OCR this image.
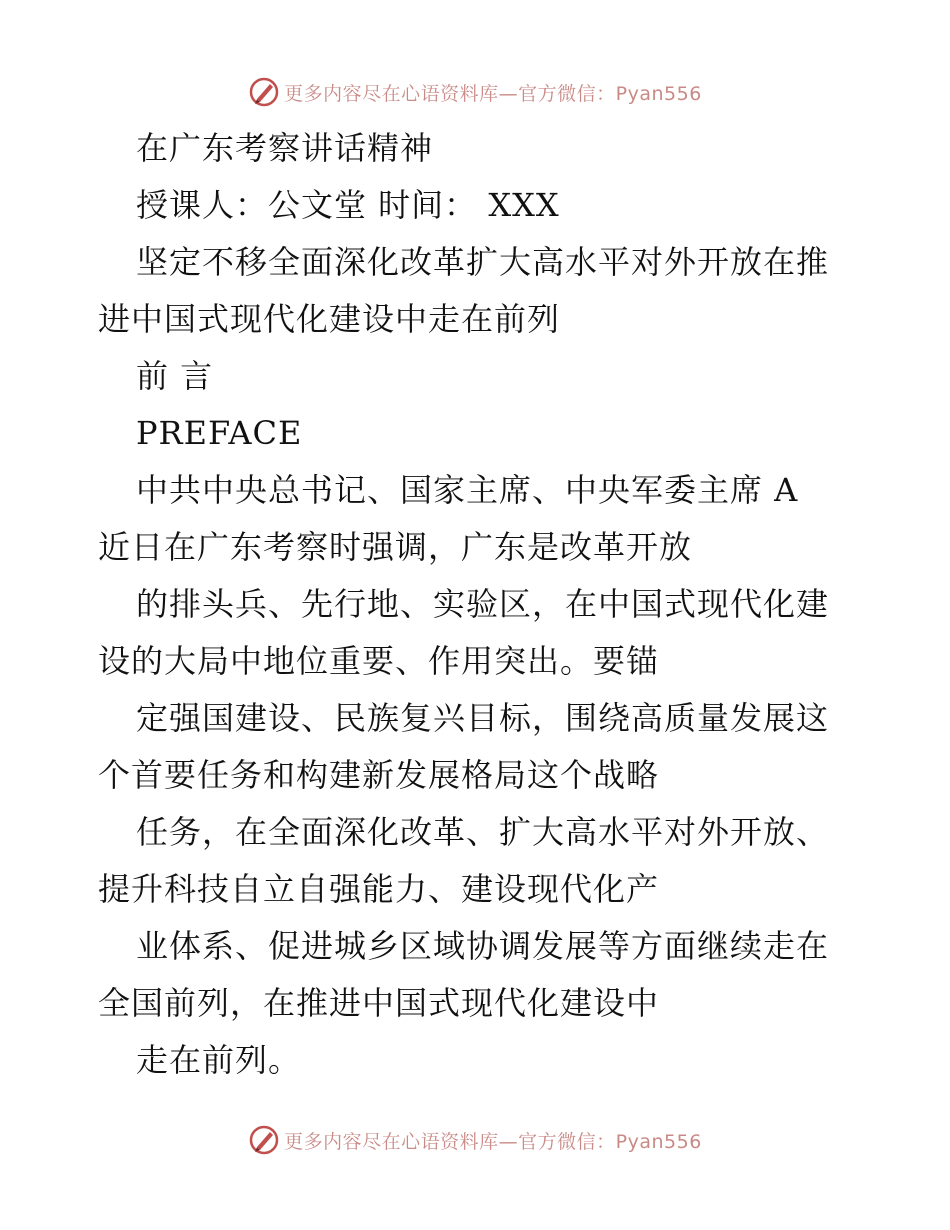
更多内容尽在心语资料库—官方微信：Pyan556

在广东考察讲话精神

授课人：公文堂 时间： XXX

坚定不移全面深化改革扩大高水平对外开放在推

进中国式现代化建设中走在前列

前 言

PREFACE

中共中央总书记、国家主席、中央军委主席 A

近日在广东考察时强调，广东是改革开放

的排头兵、先行地、实验区，在中国式现代化建

设的大局中地位重要、作用突出。要锚

定强国建设、民族复兴目标，围绕高质量发展这

个首要任务和构建新发展格局这个战略

任务，在全面深化改革、扩大高水平对外开放、

提升科技自立自强能力、建设现代化产

业体系、促进城乡区域协调发展等方面继续走在

全国前列，在推进中国式现代化建设中

走在前列。

更多内容尽在心语资料库—官方微信：Pyan556
